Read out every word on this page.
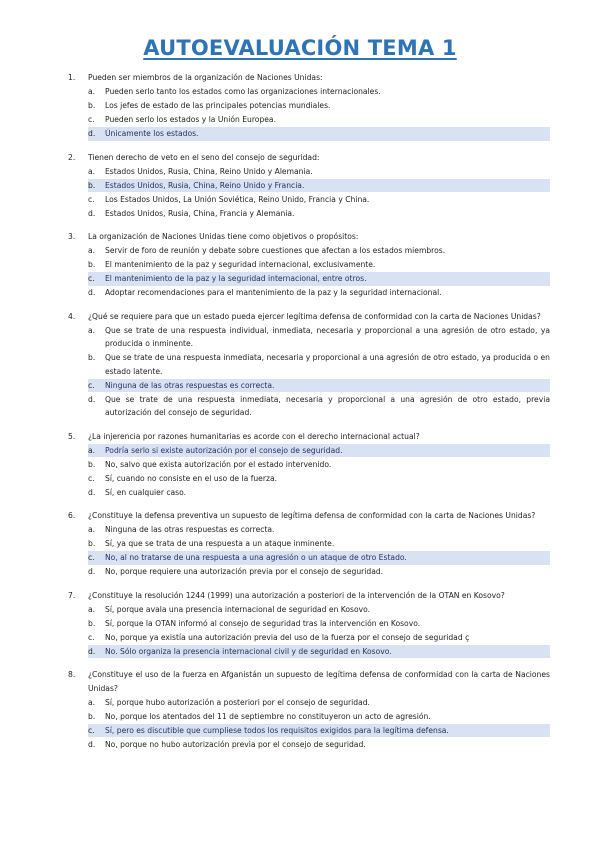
AUTOEVALUACIÓN TEMA 1
1.	Pueden ser miembros de la organización de Naciones Unidas:
a.	Pueden serlo tanto los estados como las organizaciones internacionales.
b.	Los jefes de estado de las principales potencias mundiales.
c.	Pueden serlo los estados y la Unión Europea.
d.	Únicamente los estados.
2.	Tienen derecho de veto en el seno del consejo de seguridad:
a.	Estados Unidos, Rusia, China, Reino Unido y Alemania.
b.	Estados Unidos, Rusia, China, Reino Unido y Francia.
c.	Los Estados Unidos, La Unión Soviética, Reino Unido, Francia y China.
d.	Estados Unidos, Rusia, China, Francia y Alemania.
3.	La organización de Naciones Unidas tiene como objetivos o propósitos:
a.	Servir de foro de reunión y debate sobre cuestiones que afectan a los estados miembros.
b.	El mantenimiento de la paz y seguridad internacional, exclusivamente.
c.	El mantenimiento de la paz y la seguridad internacional, entre otros.
d.	Adoptar recomendaciones para el mantenimiento de la paz y la seguridad internacional.
4.	¿Qué se requiere para que un estado pueda ejercer legítima defensa de conformidad con la carta de Naciones Unidas?
a.	Que se trate de una respuesta individual, inmediata, necesaria y proporcional a una agresión de otro estado, ya producida o inminente.
b.	Que se trate de una respuesta inmediata, necesaria y proporcional a una agresión de otro estado, ya producida o en estado latente.
c.	Ninguna de las otras respuestas es correcta.
d.	Que se trate de una respuesta inmediata, necesaria y proporcional a una agresión de otro estado, previa autorización del consejo de seguridad.
5.	¿La injerencia por razones humanitarias es acorde con el derecho internacional actual?
a.	Podría serlo si existe autorización por el consejo de seguridad.
b.	No, salvo que exista autorización por el estado intervenido.
c.	Sí, cuando no consiste en el uso de la fuerza.
d.	Sí, en cualquier caso.
6.	¿Constituye la defensa preventiva un supuesto de legítima defensa de conformidad con la carta de Naciones Unidas?
a.	Ninguna de las otras respuestas es correcta.
b.	Sí, ya que se trata de una respuesta a un ataque inminente.
c.	No, al no tratarse de una respuesta a una agresión o un ataque de otro Estado.
d.	No, porque requiere una autorización previa por el consejo de seguridad.
7.	¿Constituye la resolución 1244 (1999) una autorización a posteriori de la intervención de la OTAN en Kosovo?
a.	Sí, porque avala una presencia internacional de seguridad en Kosovo.
b.	Sí, porque la OTAN informó al consejo de seguridad tras la intervención en Kosovo.
c.	No, porque ya existía una autorización previa del uso de la fuerza por el consejo de seguridad ç
d.	No. Sólo organiza la presencia internacional civil y de seguridad en Kosovo.
8.	¿Constituye el uso de la fuerza en Afganistán un supuesto de legítima defensa de conformidad con la carta de Naciones Unidas?
a.	Sí, porque hubo autorización a posteriori por el consejo de seguridad.
b.	No, porque los atentados del 11 de septiembre no constituyeron un acto de agresión.
c.	Sí, pero es discutible que cumpliese todos los requisitos exigidos para la legítima defensa.
d.	No, porque no hubo autorización previa por el consejo de seguridad.
